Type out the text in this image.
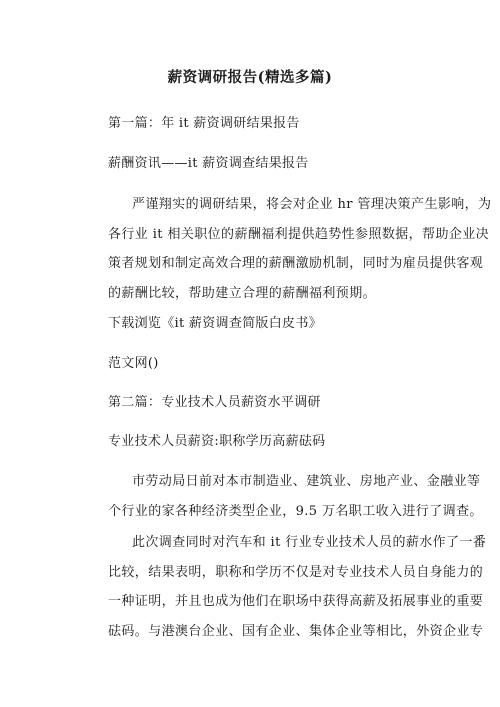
薪资调研报告(精选多篇)

第一篇：年 it 薪资调研结果报告

薪酬资讯——it 薪资调查结果报告

严谨翔实的调研结果，将会对企业 hr 管理决策产生影响，为
各行业 it 相关职位的薪酬福利提供趋势性参照数据，帮助企业决
策者规划和制定高效合理的薪酬激励机制，同时为雇员提供客观
的薪酬比较，帮助建立合理的薪酬福利预期。

下载浏览《it 薪资调查简版白皮书》

范文网()

第二篇：专业技术人员薪资水平调研

专业技术人员薪资:职称学历高薪砝码

市劳动局日前对本市制造业、建筑业、房地产业、金融业等
个行业的家各种经济类型企业，9.5 万名职工收入进行了调查。
此次调查同时对汽车和 it 行业专业技术人员的薪水作了一番
比较，结果表明，职称和学历不仅是对专业技术人员自身能力的
一种证明，并且也成为他们在职场中获得高薪及拓展事业的重要
砝码。与港澳台企业、国有企业、集体企业等相比，外资企业专
